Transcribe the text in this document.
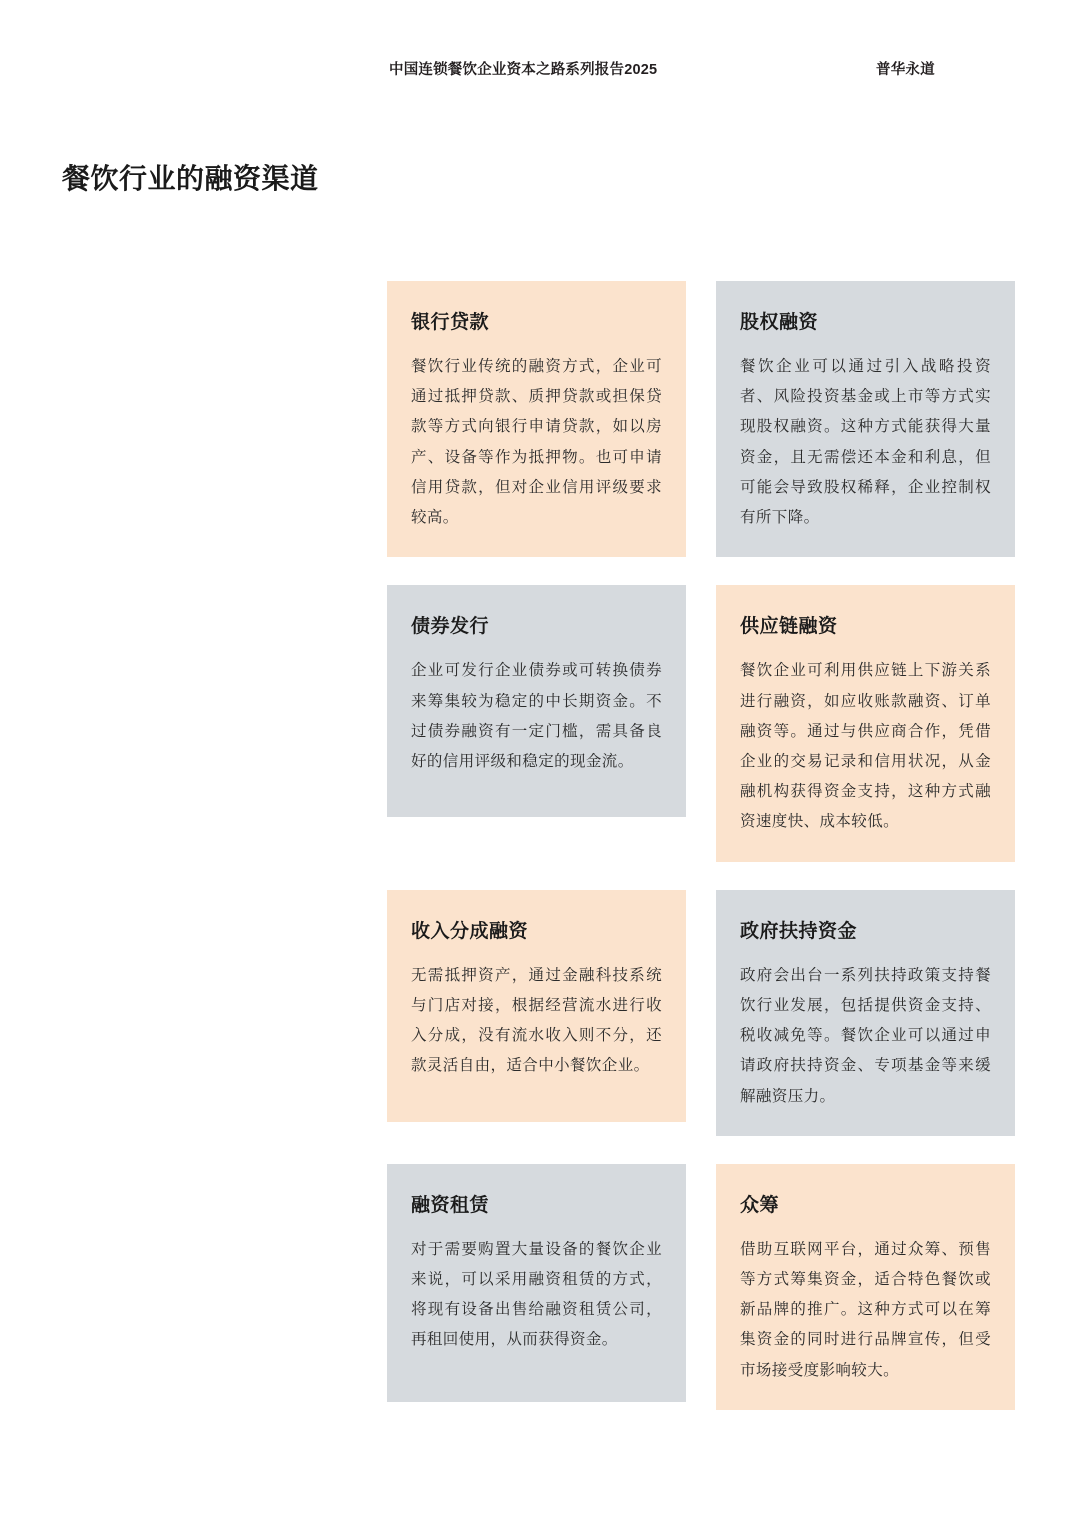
中国连锁餐饮企业资本之路系列报告2025	普华永道
餐饮行业的融资渠道
银行贷款

餐饮行业传统的融资方式，企业可通过抵押贷款、质押贷款或担保贷款等方式向银行申请贷款，如以房产、设备等作为抵押物。也可申请信用贷款，但对企业信用评级要求较高。

股权融资

餐饮企业可以通过引入战略投资者、风险投资基金或上市等方式实现股权融资。这种方式能获得大量资金，且无需偿还本金和利息，但可能会导致股权稀释，企业控制权有所下降。

债券发行

企业可发行企业债券或可转换债券来筹集较为稳定的中长期资金。不过债券融资有一定门槛，需具备良好的信用评级和稳定的现金流。

供应链融资

餐饮企业可利用供应链上下游关系进行融资，如应收账款融资、订单融资等。通过与供应商合作，凭借企业的交易记录和信用状况，从金融机构获得资金支持，这种方式融资速度快、成本较低。

收入分成融资

无需抵押资产，通过金融科技系统与门店对接，根据经营流水进行收入分成，没有流水收入则不分，还款灵活自由，适合中小餐饮企业。

政府扶持资金

政府会出台一系列扶持政策支持餐饮行业发展，包括提供资金支持、税收减免等。餐饮企业可以通过申请政府扶持资金、专项基金等来缓解融资压力。

融资租赁

对于需要购置大量设备的餐饮企业来说，可以采用融资租赁的方式，将现有设备出售给融资租赁公司，再租回使用，从而获得资金。

众筹

借助互联网平台，通过众筹、预售等方式筹集资金，适合特色餐饮或新品牌的推广。这种方式可以在筹集资金的同时进行品牌宣传，但受市场接受度影响较大。
